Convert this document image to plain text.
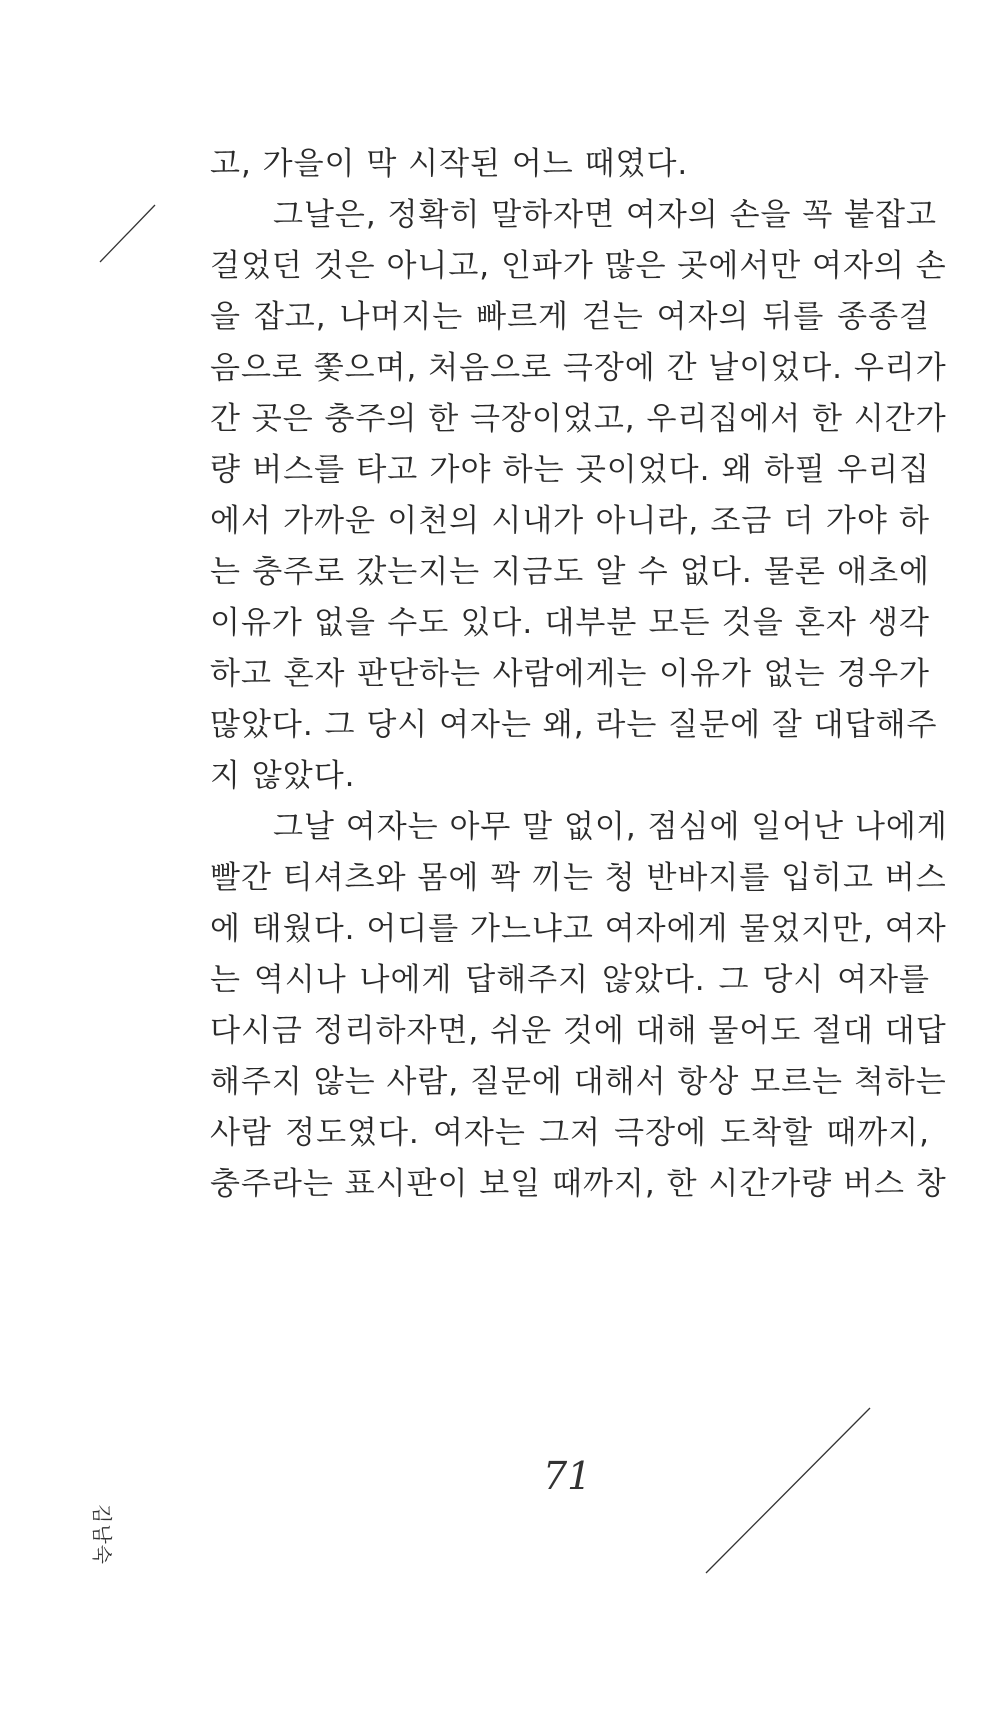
고, 가을이 막 시작된 어느 때였다.
그날은, 정확히 말하자면 여자의 손을 꼭 붙잡고
걸었던 것은 아니고, 인파가 많은 곳에서만 여자의 손
을 잡고, 나머지는 빠르게 걷는 여자의 뒤를 종종걸
음으로 쫓으며, 처음으로 극장에 간 날이었다. 우리가
간 곳은 충주의 한 극장이었고, 우리집에서 한 시간가
량 버스를 타고 가야 하는 곳이었다. 왜 하필 우리집
에서 가까운 이천의 시내가 아니라, 조금 더 가야 하
는 충주로 갔는지는 지금도 알 수 없다. 물론 애초에
이유가 없을 수도 있다. 대부분 모든 것을 혼자 생각
하고 혼자 판단하는 사람에게는 이유가 없는 경우가
많았다. 그 당시 여자는 왜, 라는 질문에 잘 대답해주
지 않았다.
그날 여자는 아무 말 없이, 점심에 일어난 나에게
빨간 티셔츠와 몸에 꽉 끼는 청 반바지를 입히고 버스
에 태웠다. 어디를 가느냐고 여자에게 물었지만, 여자
는 역시나 나에게 답해주지 않았다. 그 당시 여자를
다시금 정리하자면, 쉬운 것에 대해 물어도 절대 대답
해주지 않는 사람, 질문에 대해서 항상 모르는 척하는
사람 정도였다. 여자는 그저 극장에 도착할 때까지,
충주라는 표시판이 보일 때까지, 한 시간가량 버스 창
71
김남숙
